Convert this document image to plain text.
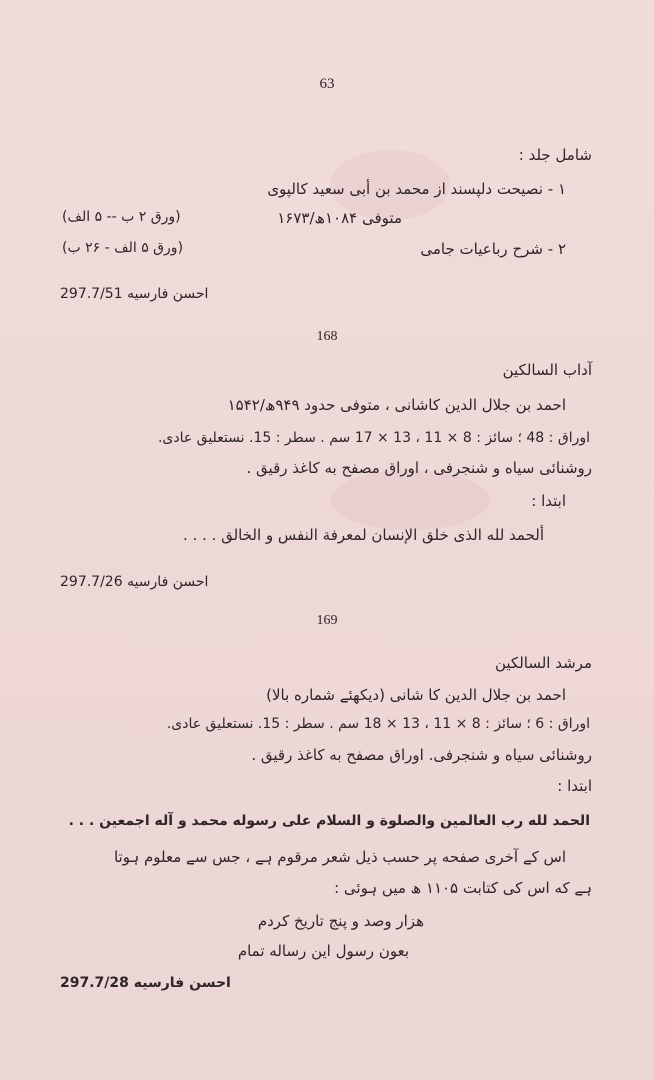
63
شامل جلد :
۱ - نصیحت دلپسند از محمد بن أبی سعید کالپوی
متوفی ۱۰۸۴ھ/۱۶۷۳
(ورق ۲ ب -- ۵ الف)
۲ - شرح رباعیات جامی
(ورق ۵ الف - ۲۶ ب)
احسن فارسیه 297.7/51
168
آداب السالکین
احمد بن جلال الدین کاشانی ، متوفی حدود ۹۴۹ھ/۱۵۴۲
اوراق : 48 ؛ سائز : 8 × 11 ، 13 × 17 سم . سطر : 15. نستعلیق عادی.
روشنائی سیاه و شنجرفی ، اوراق مصفح به کاغذ رقیق .
ابتدا :
ألحمد لله الذی خلق الإنسان لمعرفة النفس و الخالق . . . .
احسن فارسیه 297.7/26
169
مرشد السالکین
احمد بن جلال الدین کا شانی (دیکھئے شماره بالا)
اوراق : 6 ؛ سائز : 8 × 11 ، 13 × 18 سم . سطر : 15. نستعلیق عادی.
روشنائی سیاه و شنجرفی. اوراق مصفح به کاغذ رقیق .
ابتدا :
الحمد لله رب العالمین والصلوة و السلام علی رسوله محمد و آله اجمعین . . .
اس کے آخری صفحه پر حسب ذیل شعر مرقوم ہے ، جس سے معلوم ہوتا
ہے که اس کی کتابت ۱۱۰۵ ھ میں ہوئی :
هزار وصد و پنج تاریخ کردم
بعون رسول این رساله تمام
احسن فارسیه 297.7/28
